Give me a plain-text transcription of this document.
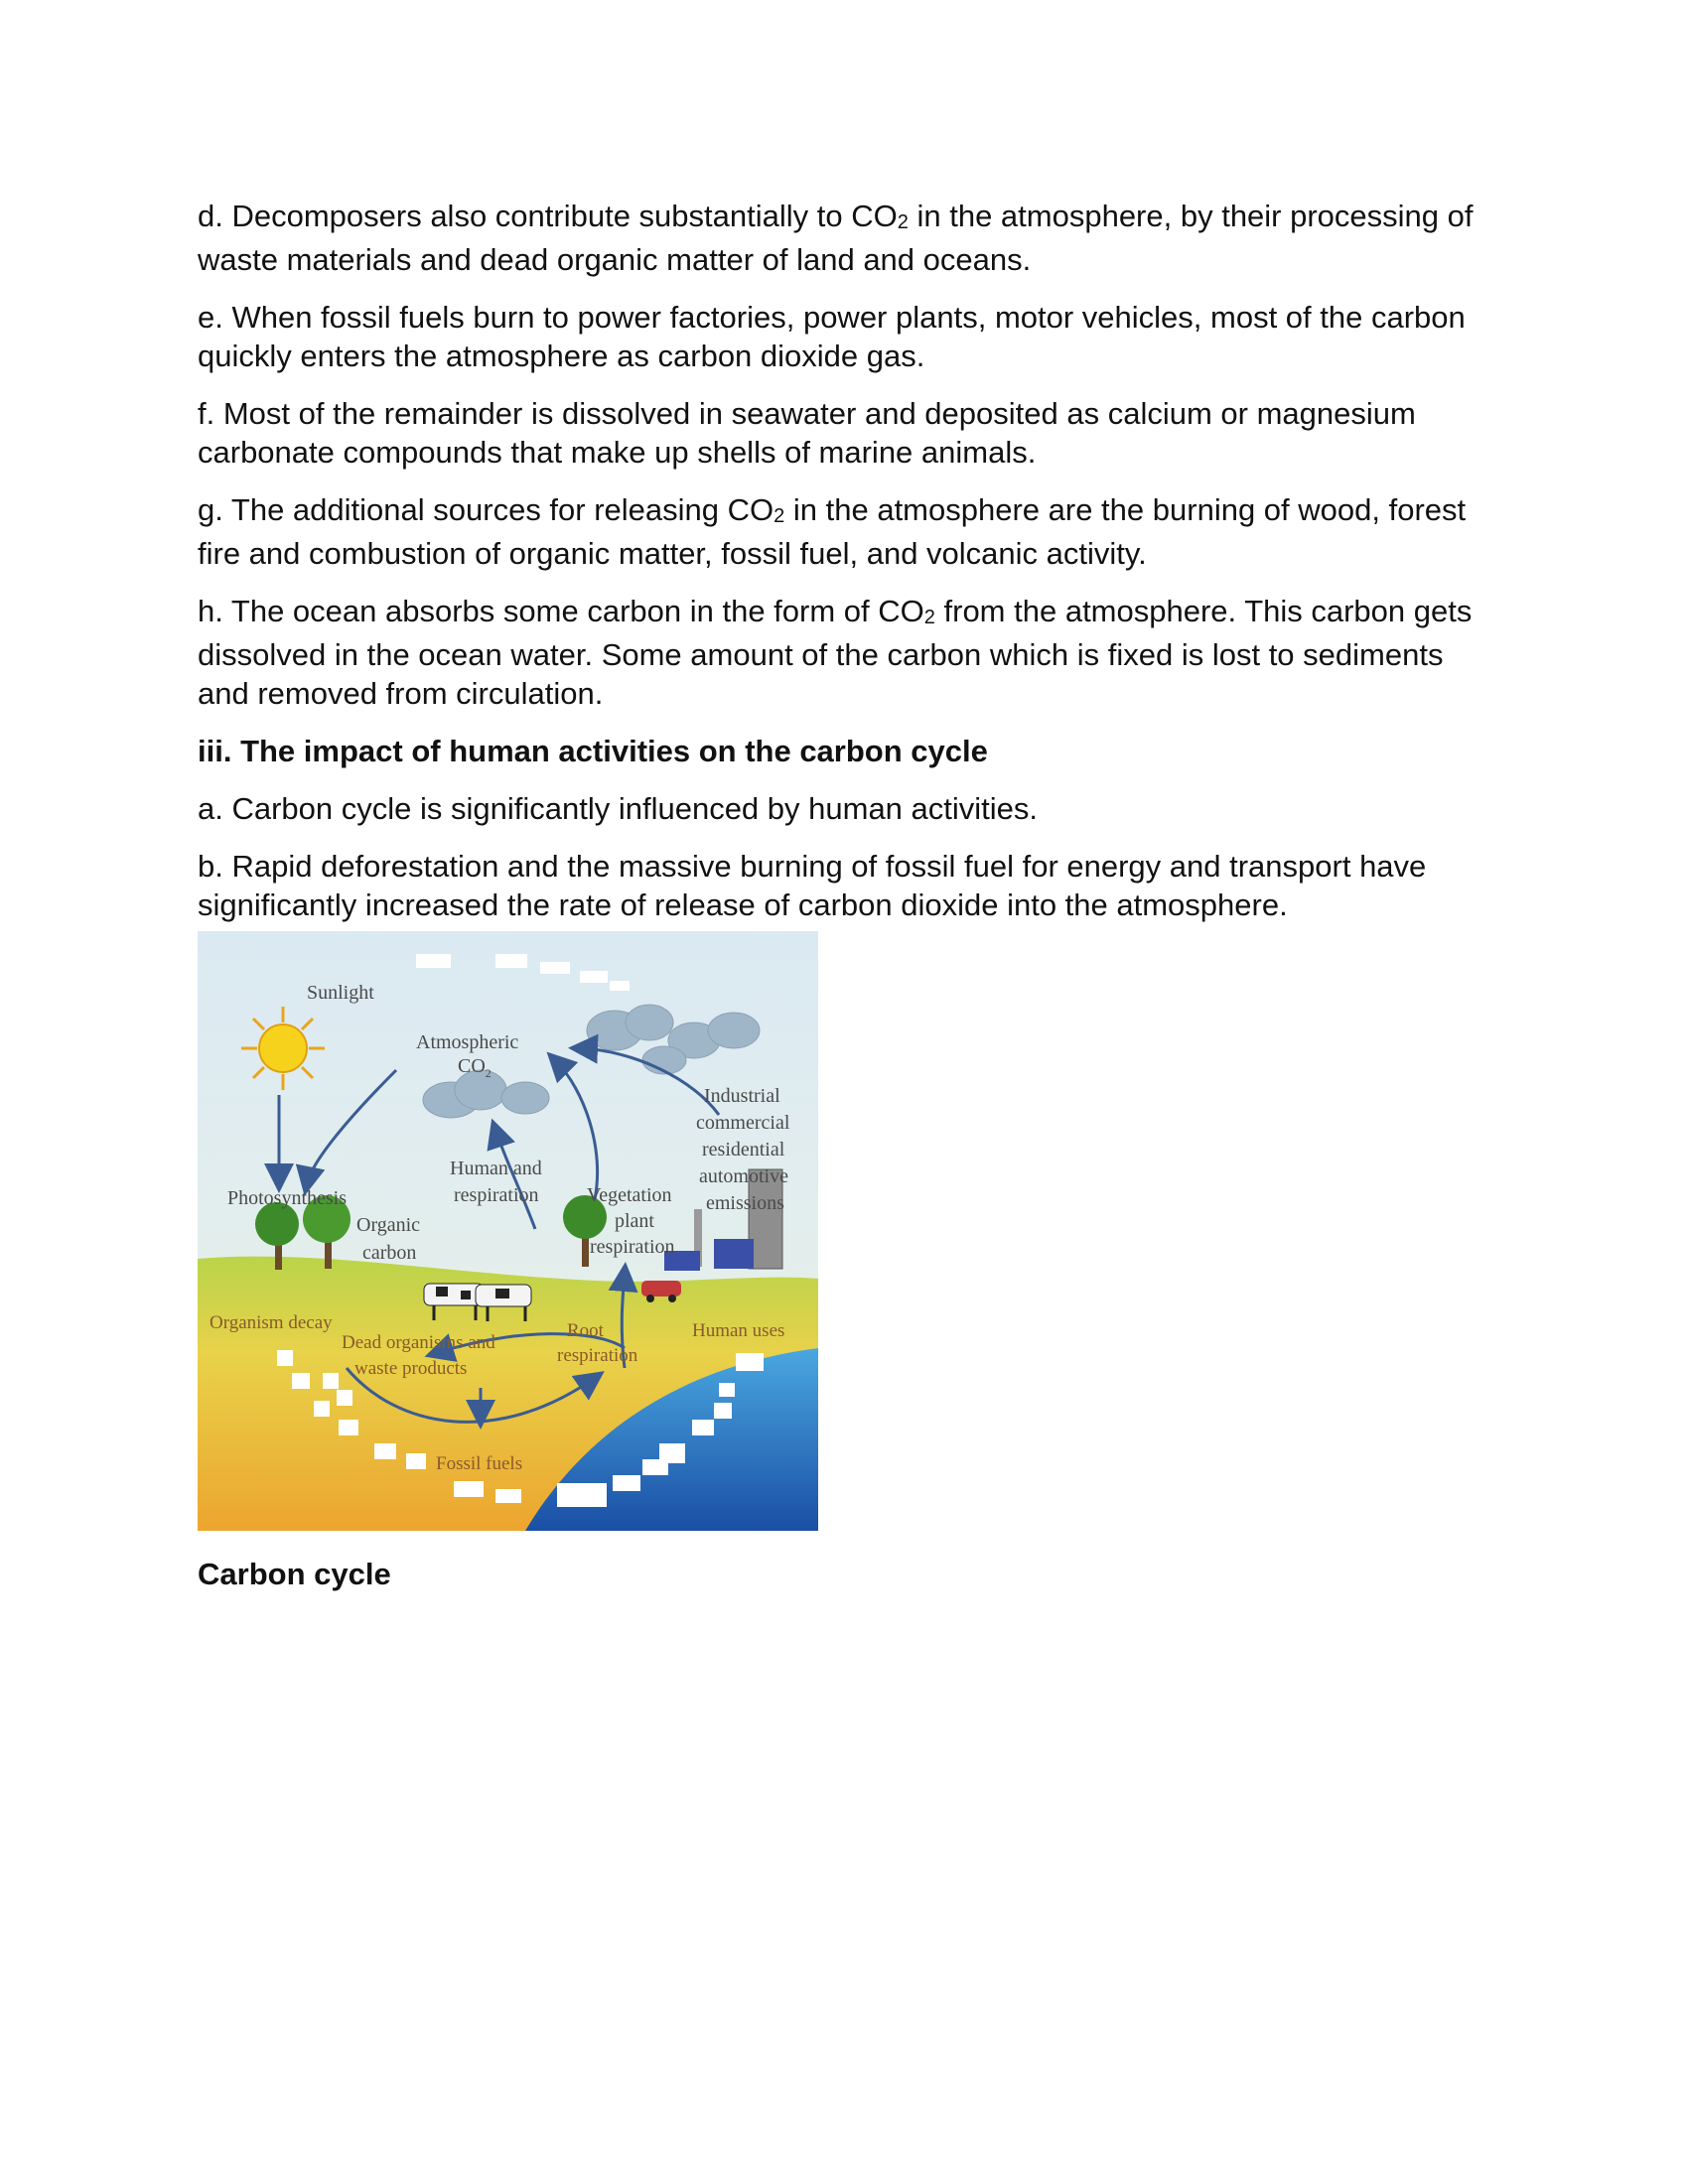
d. Decomposers also contribute substantially to CO2 in the atmosphere, by their processing of waste materials and dead organic matter of land and oceans.

e. When fossil fuels burn to power factories, power plants, motor vehicles, most of the carbon quickly enters the atmosphere as carbon dioxide gas.

f. Most of the remainder is dissolved in seawater and deposited as calcium or magnesium carbonate compounds that make up shells of marine animals.

g. The additional sources for releasing CO2 in the atmosphere are the burning of wood, forest fire and combustion of organic matter, fossil fuel, and volcanic activity.

h. The ocean absorbs some carbon in the form of CO2 from the atmosphere. This carbon gets dissolved in the ocean water. Some amount of the carbon which is fixed is lost to sediments and removed from circulation.

iii. The impact of human activities on the carbon cycle

a. Carbon cycle is significantly influenced by human activities.

b. Rapid deforestation and the massive burning of fossil fuel for energy and transport have significantly increased the rate of release of carbon dioxide into the atmosphere.

Sunlight
Atmospheric
$CO_2$
Industrial
commercial
residential
automotive
emissions
Photosynthesis
Human and
respiration Vegetation
plant
respiration
Organic
carbon
Organism decay
Dead organisms and
waste products
Root
respiration
Human uses
Fossil fuels
Carbon cycle
